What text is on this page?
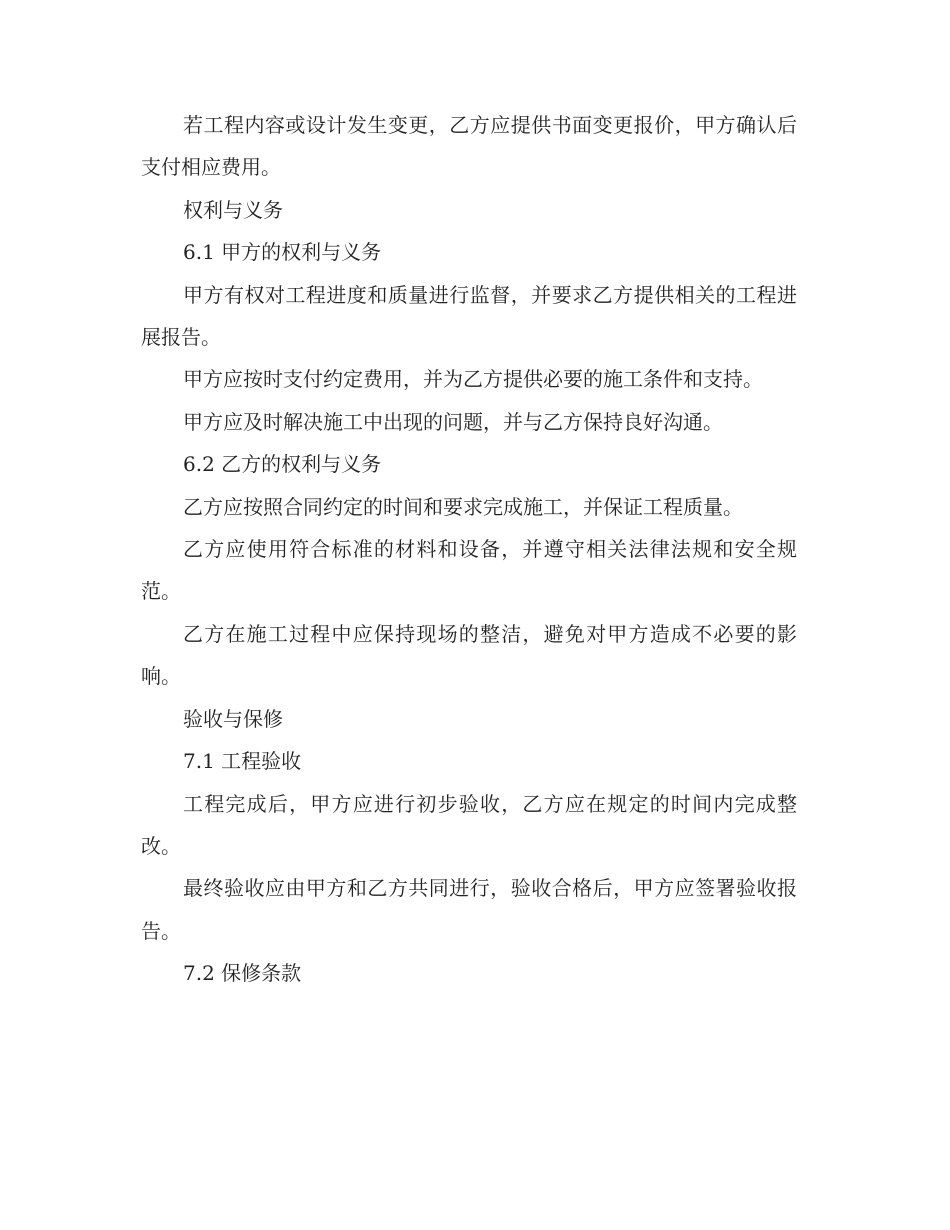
若工程内容或设计发生变更，乙方应提供书面变更报价，甲方确认后支付相应费用。

权利与义务

6.1 甲方的权利与义务

甲方有权对工程进度和质量进行监督，并要求乙方提供相关的工程进展报告。

甲方应按时支付约定费用，并为乙方提供必要的施工条件和支持。

甲方应及时解决施工中出现的问题，并与乙方保持良好沟通。

6.2 乙方的权利与义务

乙方应按照合同约定的时间和要求完成施工，并保证工程质量。

乙方应使用符合标准的材料和设备，并遵守相关法律法规和安全规范。

乙方在施工过程中应保持现场的整洁，避免对甲方造成不必要的影响。

验收与保修

7.1 工程验收

工程完成后，甲方应进行初步验收，乙方应在规定的时间内完成整改。

最终验收应由甲方和乙方共同进行，验收合格后，甲方应签署验收报告。

7.2 保修条款
